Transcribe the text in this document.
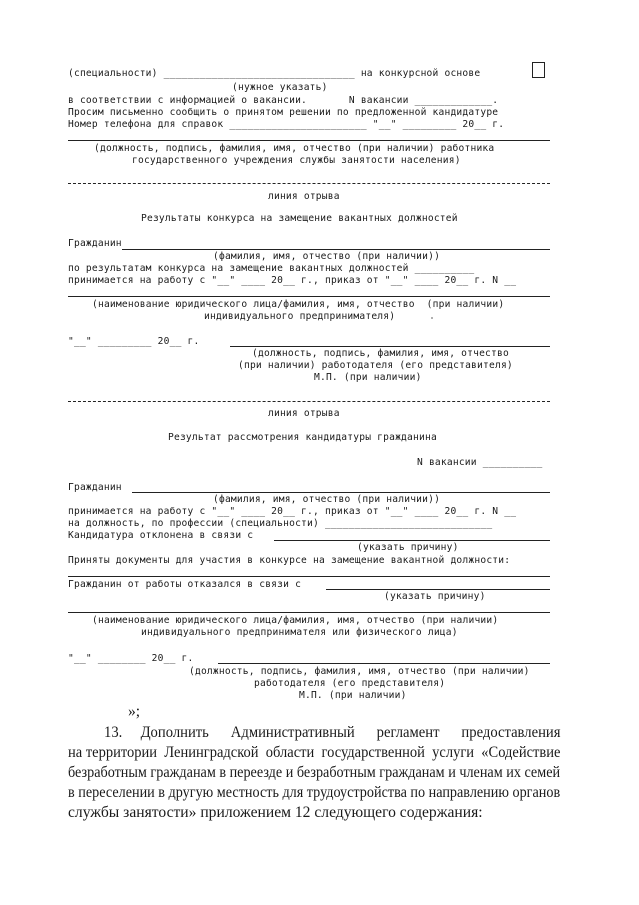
(специальности) ________________________________ на конкурсной основе
(нужное указать)
в соответствии с информацией о вакансии.       N вакансии _____________.
Просим письменно сообщить о принятом решении по предложенной кандидатуре
Номер телефона для справок _______________________ "__" _________ 20__ г.
(должность, подпись, фамилия, имя, отчество (при наличии) работника
государственного учреждения службы занятости населения)
линия отрыва
Результаты конкурса на замещение вакантных должностей
Гражданин
(фамилия, имя, отчество (при наличии))
по результатам конкурса на замещение вакантных должностей __________
принимается на работу с "__" ____ 20__ г., приказ от "__" ____ 20__ г. N __
(наименование юридического лица/фамилия, имя, отчество  (при наличии)
индивидуального предпринимателя)
"__" _________ 20__ г.
(должность, подпись, фамилия, имя, отчество
(при наличии) работодателя (его представителя)
М.П. (при наличии)
линия отрыва
Результат рассмотрения кандидатуры гражданина
N вакансии __________
Гражданин
(фамилия, имя, отчество (при наличии))
принимается на работу с "__" ____ 20__ г., приказ от "__" ____ 20__ г. N __
на должность, по профессии (специальности) ____________________________
Кандидатура отклонена в связи с
(указать причину)
Приняты документы для участия в конкурсе на замещение вакантной должности:
Гражданин от работы отказался в связи с
(указать причину)
(наименование юридического лица/фамилия, имя, отчество (при наличии)
индивидуального предпринимателя или физического лица)
"__" ________ 20__ г.
(должность, подпись, фамилия, имя, отчество (при наличии)
работодателя (его представителя)
М.П. (при наличии)
»;
13.     Дополнить      Административный      регламент      предоставления
на территории  Ленинградской  области  государственной  услуги  «Содействие
безработным гражданам в переезде и безработным гражданам и членам их семей
в переселении в другую местность для трудоустройства по направлению органов
службы занятости» приложением 12 следующего содержания:
